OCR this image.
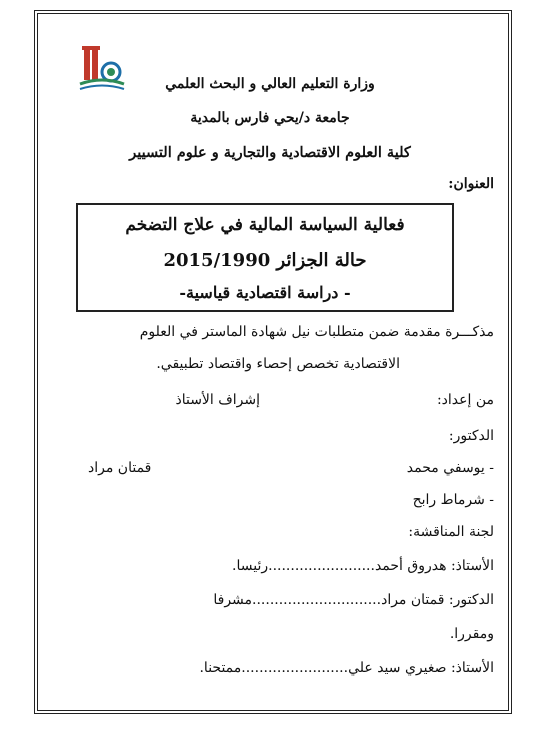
وزارة التعليم العالي و البحث العلمي
جامعة د/يحي فارس بالمدية
كلية العلوم الاقتصادية والتجارية و علوم التسيير
العنوان:
فعالية السياسة المالية في علاج التضخم
حالة الجزائر 2015/1990
- دراسة اقتصادية قياسية-
مذكـــرة مقدمة ضمن متطلبات نيل شهادة الماستر في العلوم
الاقتصادية تخصص إحصاء واقتصاد تطبيقي.
من إعداد:
إشراف الأستاذ
الدكتور:
- يوسفي محمد
قمتان مراد
- شرماط رابح
لجنة المناقشة:
الأستاذ: هدروق أحمد........................رئيسا.
الدكتور: قمتان مراد.............................مشرفا
ومقررا.
الأستاذ: صغيري سيد علي........................ممتحنا.
